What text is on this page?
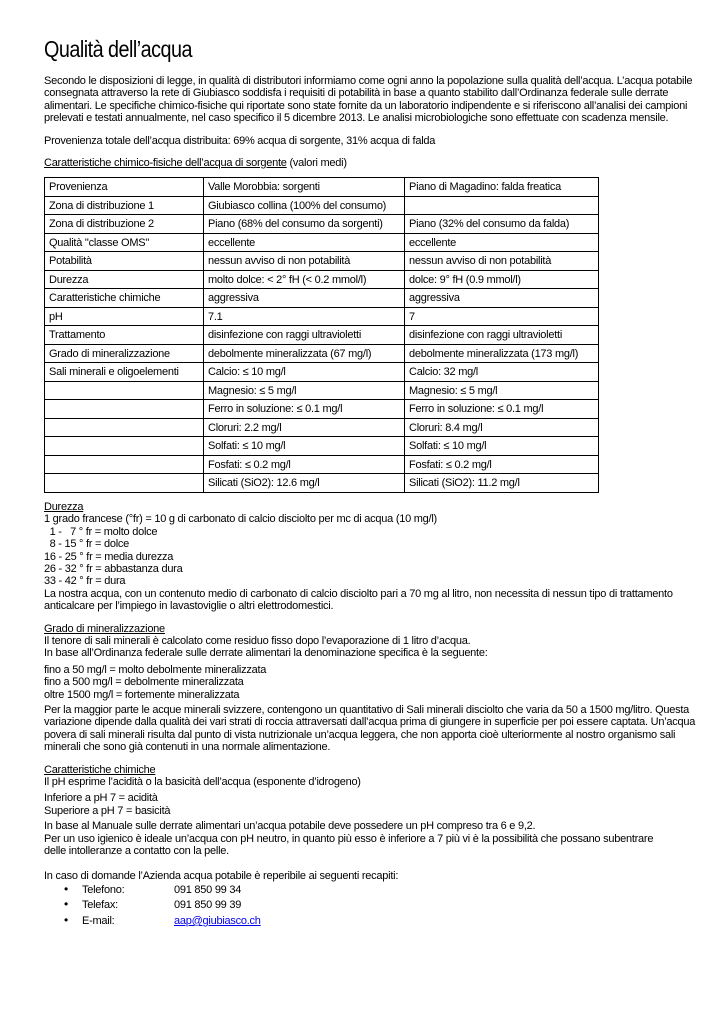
Qualità dell’acqua

Secondo le disposizioni di legge, in qualità di distributori informiamo come ogni anno la popolazione sulla qualità dell’acqua. L’acqua potabile consegnata attraverso la rete di Giubiasco soddisfa i requisiti di potabilità in base a quanto stabilito dall’Ordinanza federale sulle derrate alimentari. Le specifiche chimico-fisiche qui riportate sono state fornite da un laboratorio indipendente e si riferiscono all’analisi dei campioni prelevati e testati annualmente, nel caso specifico il 5 dicembre 2013. Le analisi microbiologiche sono effettuate con scadenza mensile.

Provenienza totale dell’acqua distribuita: 69% acqua di sorgente, 31% acqua di falda

Caratteristiche chimico-fisiche dell’acqua di sorgente (valori medi)

Provenienza	Valle Morobbia: sorgenti	Piano di Magadino: falda freatica
Zona di distribuzione 1	Giubiasco collina (100% del consumo)	
Zona di distribuzione 2	Piano (68% del consumo da sorgenti)	Piano (32% del consumo da falda)
Qualità "classe OMS"	eccellente	eccellente
Potabilità	nessun avviso di non potabilità	nessun avviso di non potabilità
Durezza	molto dolce: < 2° fH (< 0.2 mmol/l)	dolce: 9° fH (0.9 mmol/l)
Caratteristiche chimiche	aggressiva	aggressiva
pH	7.1	7
Trattamento	disinfezione con raggi ultravioletti	disinfezione con raggi ultravioletti
Grado di mineralizzazione	debolmente mineralizzata (67 mg/l)	debolmente mineralizzata (173 mg/l)
Sali minerali e oligoelementi	Calcio: ≤ 10 mg/l	Calcio: 32 mg/l
	Magnesio: ≤ 5 mg/l	Magnesio: ≤ 5 mg/l
	Ferro in soluzione: ≤ 0.1 mg/l	Ferro in soluzione: ≤ 0.1 mg/l
	Cloruri: 2.2 mg/l	Cloruri: 8.4 mg/l
	Solfati: ≤ 10 mg/l	Solfati: ≤ 10 mg/l
	Fosfati: ≤ 0.2 mg/l	Fosfati: ≤ 0.2 mg/l
	Silicati (SiO2): 12.6 mg/l	Silicati (SiO2): 11.2 mg/l

Durezza

1 grado francese (°fr) = 10 g di carbonato di calcio disciolto per mc di acqua (10 mg/l)

1 -   7 ° fr = molto dolce

8 - 15 ° fr = dolce

16 - 25 ° fr = media durezza

26 - 32 ° fr = abbastanza dura

33 - 42 ° fr = dura

La nostra acqua, con un contenuto medio di carbonato di calcio disciolto pari a 70 mg al litro, non necessita di nessun tipo di trattamento anticalcare per l’impiego in lavastoviglie o altri elettrodomestici.

Grado di mineralizzazione

Il tenore di sali minerali è calcolato come residuo fisso dopo l’evaporazione di 1 litro d’acqua.

In base all’Ordinanza federale sulle derrate alimentari la denominazione specifica è la seguente:

fino a 50 mg/l = molto debolmente mineralizzata

fino a 500 mg/l = debolmente mineralizzata

oltre 1500 mg/l = fortemente mineralizzata

Per la maggior parte le acque minerali svizzere, contengono un quantitativo di Sali minerali disciolto che varia da 50 a 1500 mg/litro. Questa variazione dipende dalla qualità dei vari strati di roccia attraversati dall’acqua prima di giungere in superficie per poi essere captata. Un’acqua povera di sali minerali risulta dal punto di vista nutrizionale un’acqua leggera, che non apporta cioè ulteriormente al nostro organismo sali minerali che sono già contenuti in una normale alimentazione.

Caratteristiche chimiche

Il pH esprime l’acidità o la basicità dell’acqua (esponente d’idrogeno)

Inferiore a pH 7 = acidità

Superiore a pH 7 = basicità

In base al Manuale sulle derrate alimentari un’acqua potabile deve possedere un pH compreso tra 6 e 9,2.

Per un uso igienico è ideale un’acqua con pH neutro, in quanto più esso è inferiore a 7 più vi è la possibilità che possano subentrare

delle intolleranze a contatto con la pelle.

In caso di domande l’Azienda acqua potabile è reperibile ai seguenti recapiti:

• Telefono:	091 850 99 34
• Telefax:	091 850 99 39
• E-mail:	aap@giubiasco.ch
